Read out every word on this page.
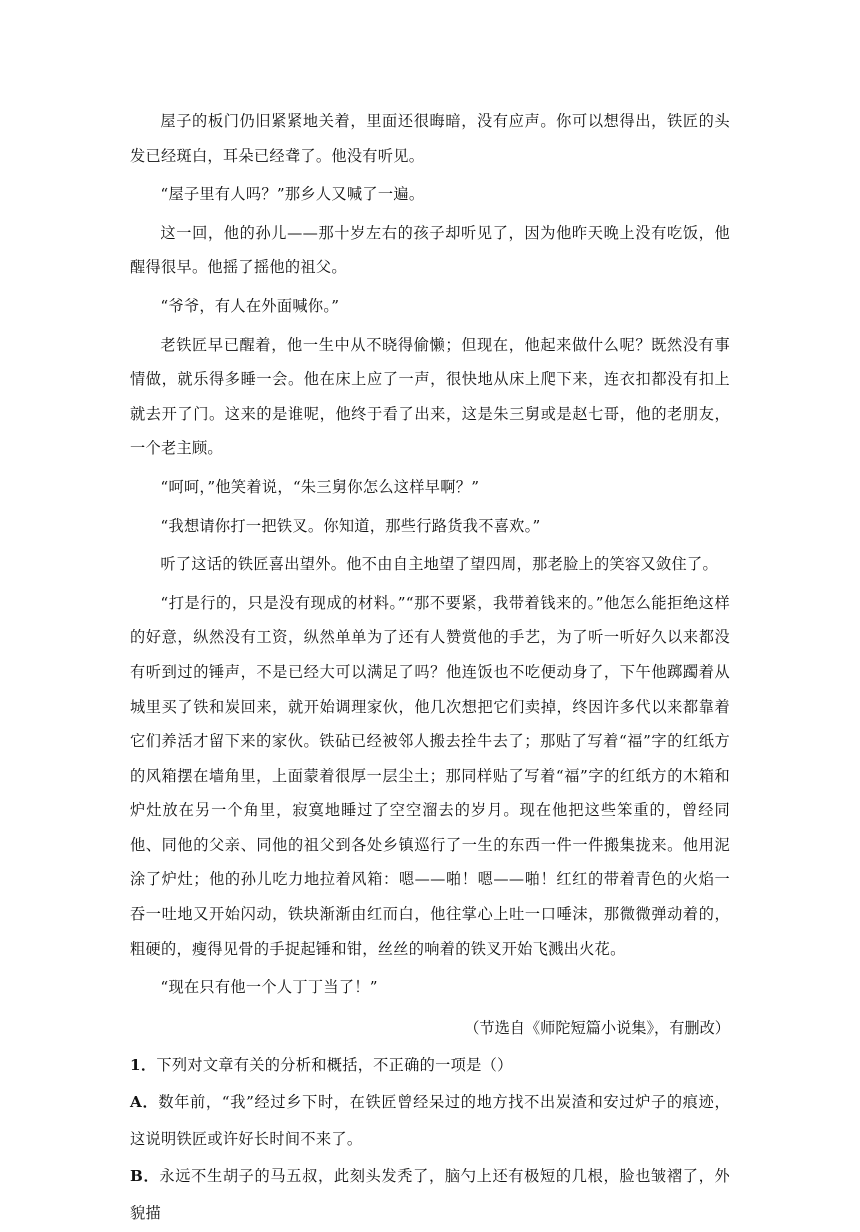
屋子的板门仍旧紧紧地关着，里面还很晦暗，没有应声。你可以想得出，铁匠的头发已经斑白，耳朵已经聋了。他没有听见。

“屋子里有人吗？”那乡人又喊了一遍。

这一回，他的孙儿——那十岁左右的孩子却听见了，因为他昨天晚上没有吃饭，他醒得很早。他摇了摇他的祖父。

“爷爷，有人在外面喊你。”

老铁匠早已醒着，他一生中从不晓得偷懒；但现在，他起来做什么呢？既然没有事情做，就乐得多睡一会。他在床上应了一声，很快地从床上爬下来，连衣扣都没有扣上就去开了门。这来的是谁呢，他终于看了出来，这是朱三舅或是赵七哥，他的老朋友，一个老主顾。

“呵呵，”他笑着说，“朱三舅你怎么这样早啊？”

“我想请你打一把铁叉。你知道，那些行路货我不喜欢。”

听了这话的铁匠喜出望外。他不由自主地望了望四周，那老脸上的笑容又敛住了。

“打是行的，只是没有现成的材料。”“那不要紧，我带着钱来的。”他怎么能拒绝这样的好意，纵然没有工资，纵然单单为了还有人赞赏他的手艺，为了听一听好久以来都没有听到过的锤声，不是已经大可以满足了吗？他连饭也不吃便动身了，下午他踯躅着从城里买了铁和炭回来，就开始调理家伙，他几次想把它们卖掉，终因许多代以来都靠着它们养活才留下来的家伙。铁砧已经被邻人搬去拴牛去了；那贴了写着“福”字的红纸方的风箱摆在墙角里，上面蒙着很厚一层尘土；那同样贴了写着“福”字的红纸方的木箱和炉灶放在另一个角里，寂寞地睡过了空空溜去的岁月。现在他把这些笨重的，曾经同他、同他的父亲、同他的祖父到各处乡镇巡行了一生的东西一件一件搬集拢来。他用泥涂了炉灶；他的孙儿吃力地拉着风箱：嗯——啪！嗯——啪！红红的带着青色的火焰一吞一吐地又开始闪动，铁块渐渐由红而白，他往掌心上吐一口唾沫，那微微弹动着的，粗硬的，瘦得见骨的手捉起锤和钳，丝丝的响着的铁叉开始飞溅出火花。

“现在只有他一个人丁丁当了！”

（节选自《师陀短篇小说集》，有删改）

1．下列对文章有关的分析和概括，不正确的一项是（）

A．数年前，“我”经过乡下时，在铁匠曾经呆过的地方找不出炭渣和安过炉子的痕迹，这说明铁匠或许好长时间不来了。

B．永远不生胡子的马五叔，此刻头发秃了，脑勺上还有极短的几根，脸也皱褶了，外貌描
